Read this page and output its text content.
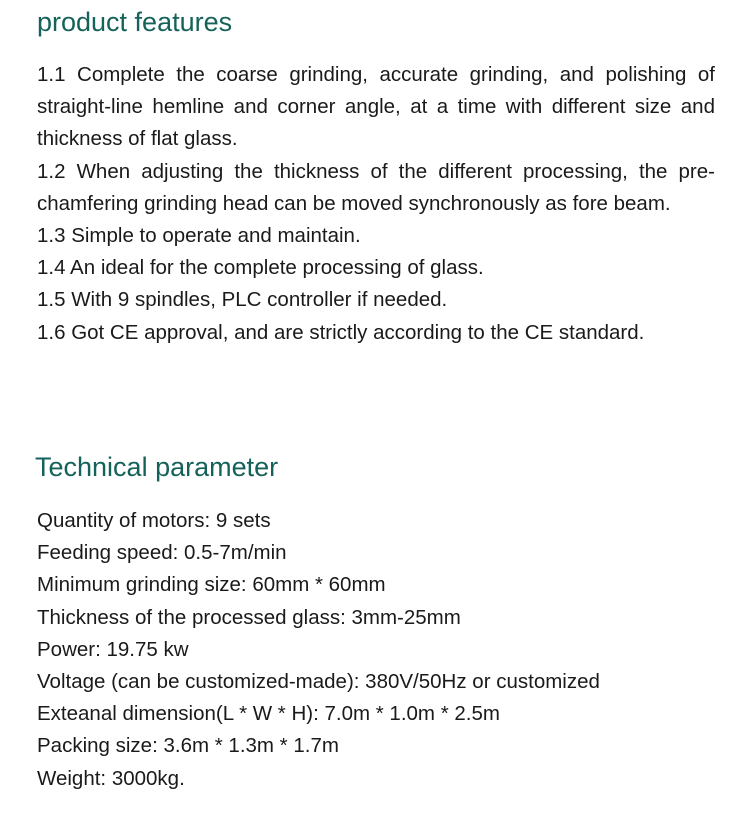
product features

1.1 Complete the coarse grinding, accurate grinding, and polishing of straight-line hemline and corner angle, at a time with different size and thickness of flat glass.

1.2 When adjusting the thickness of the different processing, the pre-chamfering grinding head can be moved synchronously as fore beam.

1.3 Simple to operate and maintain.

1.4 An ideal for the complete processing of glass.

1.5 With 9 spindles, PLC controller if needed.

1.6 Got CE approval, and are strictly according to the CE standard.

Technical parameter

Quantity of motors: 9 sets

Feeding speed: 0.5-7m/min

Minimum grinding size: 60mm * 60mm

Thickness of the processed glass: 3mm-25mm

Power: 19.75 kw

Voltage (can be customized-made): 380V/50Hz or customized

Exteanal dimension(L * W * H): 7.0m * 1.0m * 2.5m

Packing size: 3.6m * 1.3m * 1.7m

Weight: 3000kg.
